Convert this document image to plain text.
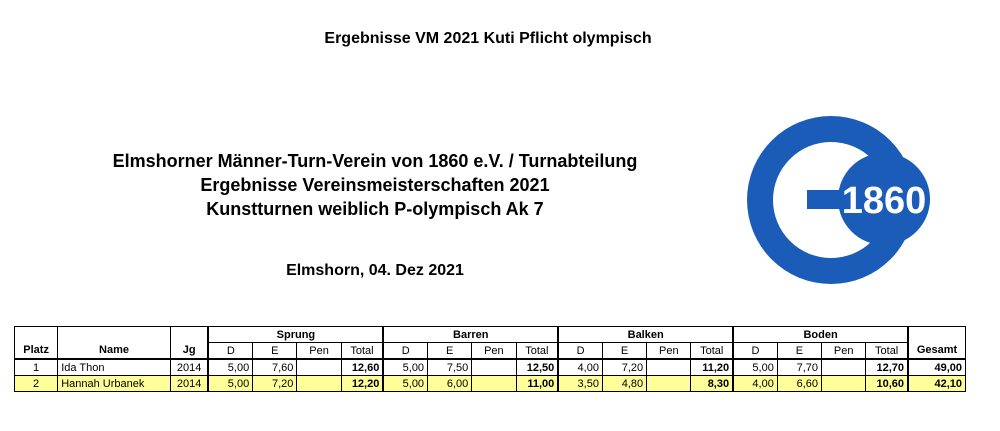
Ergebnisse VM 2021 Kuti Pflicht olympisch
Elmshorner Männer-Turn-Verein von 1860 e.V. / Turnabteilung
Ergebnisse Vereinsmeisterschaften 2021
Kunstturnen weiblich P-olympisch Ak 7
Elmshorn, 04. Dez 2021
1860
			Sprung				Barren				Balken				Boden				
Platz	Name	Jg	D	E	Pen	Total	D	E	Pen	Total	D	E	Pen	Total	D	E	Pen	Total	Gesamt
1	Ida Thon	2014	5,00	7,60		12,60	5,00	7,50		12,50	4,00	7,20		11,20	5,00	7,70		12,70	49,00
2	Hannah Urbanek	2014	5,00	7,20		12,20	5,00	6,00		11,00	3,50	4,80		8,30	4,00	6,60		10,60	42,10
